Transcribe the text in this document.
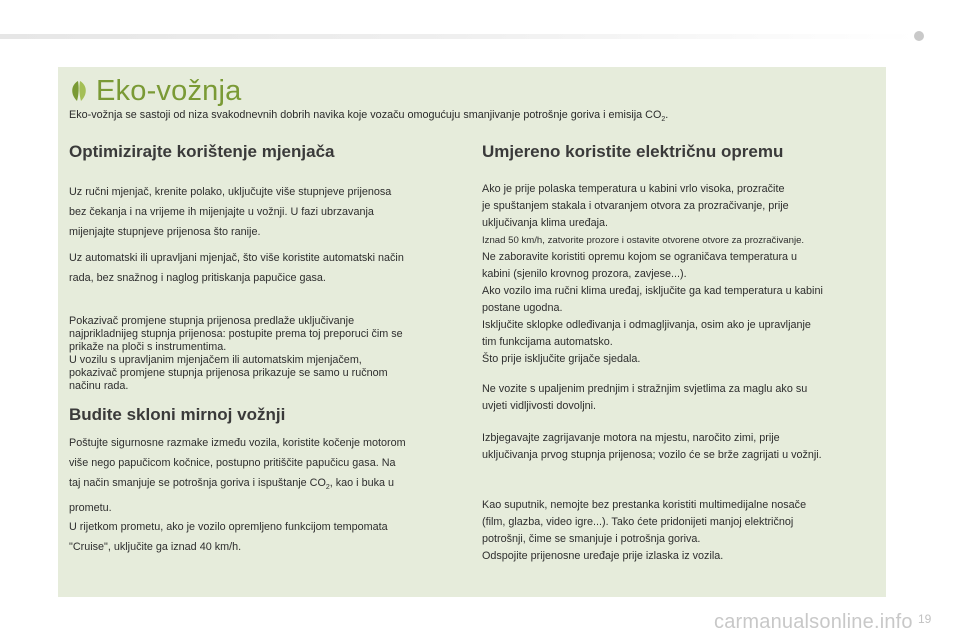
Eko-vožnja

Eko-vožnja se sastoji od niza svakodnevnih dobrih navika koje vozaču omogućuju smanjivanje potrošnje goriva i emisija $CO_2$.

Optimizirajte korištenje mjenjača

Uz ručni mjenjač, krenite polako, uključujte više stupnjeve prijenosa
bez čekanja i na vrijeme ih mijenjajte u vožnji. U fazi ubrzavanja
mijenjajte stupnjeve prijenosa što ranije.

Uz automatski ili upravljani mjenjač, što više koristite automatski način
rada, bez snažnog i naglog pritiskanja papučice gasa.

Pokazivač promjene stupnja prijenosa predlaže uključivanje
najprikladnijeg stupnja prijenosa: postupite prema toj preporuci čim se
prikaže na ploči s instrumentima.
U vozilu s upravljanim mjenjačem ili automatskim mjenjačem,
pokazivač promjene stupnja prijenosa prikazuje se samo u ručnom
načinu rada.

Budite skloni mirnoj vožnji

Poštujte sigurnosne razmake između vozila, koristite kočenje motorom
više nego papučicom kočnice, postupno pritiščite papučicu gasa. Na
taj način smanjuje se potrošnja goriva i ispuštanje $CO_2$, kao i buka u
prometu.

U rijetkom prometu, ako je vozilo opremljeno funkcijom tempomata
"Cruise", uključite ga iznad 40 km/h.

Umjereno koristite električnu opremu

Ako je prije polaska temperatura u kabini vrlo visoka, prozračite
je spuštanjem stakala i otvaranjem otvora za prozračivanje, prije
uključivanja klima uređaja.
Iznad 50 km/h, zatvorite prozore i ostavite otvorene otvore za prozračivanje.
Ne zaboravite koristiti opremu kojom se ograničava temperatura u
kabini (sjenilo krovnog prozora, zavjese...).
Ako vozilo ima ručni klima uređaj, isključite ga kad temperatura u kabini
postane ugodna.
Isključite sklopke odleđivanja i odmagljivanja, osim ako je upravljanje
tim funkcijama automatsko.
Što prije isključite grijače sjedala.

Ne vozite s upaljenim prednjim i stražnjim svjetlima za maglu ako su
uvjeti vidljivosti dovoljni.

Izbjegavajte zagrijavanje motora na mjestu, naročito zimi, prije
uključivanja prvog stupnja prijenosa; vozilo će se brže zagrijati u vožnji.

Kao suputnik, nemojte bez prestanka koristiti multimedijalne nosače
(film, glazba, video igre...). Tako ćete pridonijeti manjoj električnoj
potrošnji, čime se smanjuje i potrošnja goriva.
Odspojite prijenosne uređaje prije izlaska iz vozila.

carmanualsonline.info 19
